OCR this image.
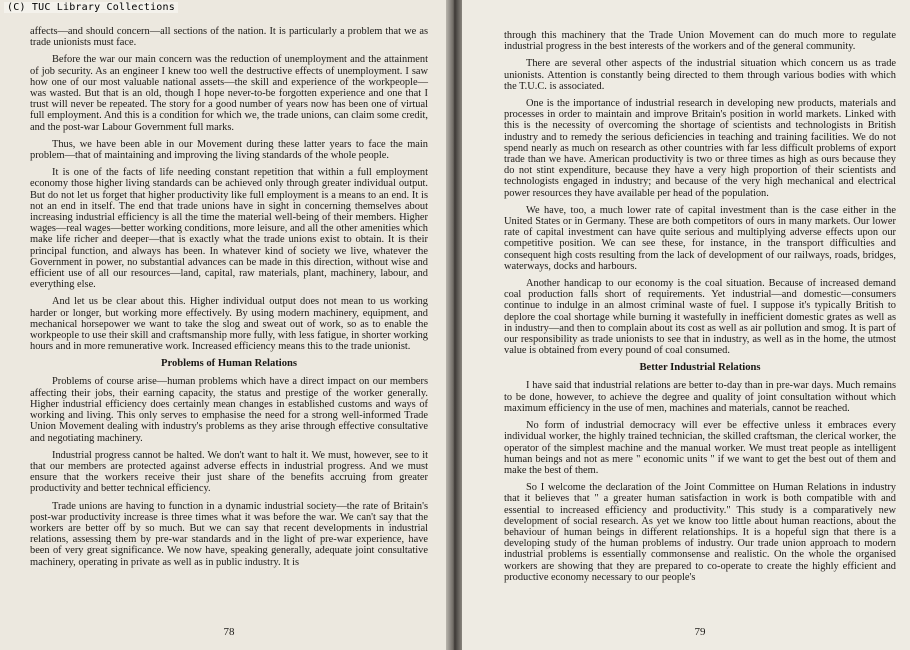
(C) TUC Library Collections

affects—and should concern—all sections of the nation. It is particularly a problem that we as trade unionists must face.

Before the war our main concern was the reduction of unemployment and the attainment of job security. As an engineer I knew too well the destructive effects of unemployment. I saw how one of our most valuable national assets—the skill and experience of the workpeople—was wasted. But that is an old, though I hope never-to-be forgotten experience and one that I trust will never be repeated. The story for a good number of years now has been one of virtual full employment. And this is a condition for which we, the trade unions, can claim some credit, and the post-war Labour Government full marks.

Thus, we have been able in our Movement during these latter years to face the main problem—that of maintaining and improving the living standards of the whole people.

It is one of the facts of life needing constant repetition that within a full employment economy those higher living standards can be achieved only through greater individual output. But do not let us forget that higher productivity like full employment is a means to an end. It is not an end in itself. The end that trade unions have in sight in concerning themselves about increasing industrial efficiency is all the time the material well-being of their members. Higher wages—real wages—better working conditions, more leisure, and all the other amenities which make life richer and deeper—that is exactly what the trade unions exist to obtain. It is their principal function, and always has been. In whatever kind of society we live, whatever the Government in power, no substantial advances can be made in this direction, without wise and efficient use of all our resources—land, capital, raw materials, plant, machinery, labour, and everything else.

And let us be clear about this. Higher individual output does not mean to us working harder or longer, but working more effectively. By using modern machinery, equipment, and mechanical horsepower we want to take the slog and sweat out of work, so as to enable the workpeople to use their skill and craftsmanship more fully, with less fatigue, in shorter working hours and in more remunerative work. Increased efficiency means this to the trade unionist.

Problems of Human Relations

Problems of course arise—human problems which have a direct impact on our members affecting their jobs, their earning capacity, the status and prestige of the worker generally. Higher industrial efficiency does certainly mean changes in established customs and ways of working and living. This only serves to emphasise the need for a strong well-informed Trade Union Movement dealing with industry's problems as they arise through effective consultative and negotiating machinery.

Industrial progress cannot be halted. We don't want to halt it. We must, however, see to it that our members are protected against adverse effects in industrial progress. And we must ensure that the workers receive their just share of the benefits accruing from greater productivity and better technical efficiency.

Trade unions are having to function in a dynamic industrial society—the rate of Britain's post-war productivity increase is three times what it was before the war. We can't say that the workers are better off by so much. But we can say that recent developments in industrial relations, assessing them by pre-war standards and in the light of pre-war experience, have been of very great significance. We now have, speaking generally, adequate joint consultative machinery, operating in private as well as in public industry. It is

78

through this machinery that the Trade Union Movement can do much more to regulate industrial progress in the best interests of the workers and of the general community.

There are several other aspects of the industrial situation which concern us as trade unionists. Attention is constantly being directed to them through various bodies with which the T.U.C. is associated.

One is the importance of industrial research in developing new products, materials and processes in order to maintain and improve Britain's position in world markets. Linked with this is the necessity of overcoming the shortage of scientists and technologists in British industry and to remedy the serious deficiencies in teaching and training facilities. We do not spend nearly as much on research as other countries with far less difficult problems of export trade than we have. American productivity is two or three times as high as ours because they do not stint expenditure, because they have a very high proportion of their scientists and technologists engaged in industry; and because of the very high mechanical and electrical power resources they have available per head of the population.

We have, too, a much lower rate of capital investment than is the case either in the United States or in Germany. These are both competitors of ours in many markets. Our lower rate of capital investment can have quite serious and multiplying adverse effects upon our competitive position. We can see these, for instance, in the transport difficulties and consequent high costs resulting from the lack of development of our railways, roads, bridges, waterways, docks and harbours.

Another handicap to our economy is the coal situation. Because of increased demand coal production falls short of requirements. Yet industrial—and domestic—consumers continue to indulge in an almost criminal waste of fuel. I suppose it's typically British to deplore the coal shortage while burning it wastefully in inefficient domestic grates as well as in industry—and then to complain about its cost as well as air pollution and smog. It is part of our responsibility as trade unionists to see that in industry, as well as in the home, the utmost value is obtained from every pound of coal consumed.

Better Industrial Relations

I have said that industrial relations are better to-day than in pre-war days. Much remains to be done, however, to achieve the degree and quality of joint consultation without which maximum efficiency in the use of men, machines and materials, cannot be reached.

No form of industrial democracy will ever be effective unless it embraces every individual worker, the highly trained technician, the skilled craftsman, the clerical worker, the operator of the simplest machine and the manual worker. We must treat people as intelligent human beings and not as mere " economic units " if we want to get the best out of them and make the best of them.

So I welcome the declaration of the Joint Committee on Human Relations in industry that it believes that " a greater human satisfaction in work is both compatible with and essential to increased efficiency and productivity." This study is a comparatively new development of social research. As yet we know too little about human reactions, about the behaviour of human beings in different relationships. It is a hopeful sign that there is a developing study of the human problems of industry. Our trade union approach to modern industrial problems is essentially commonsense and realistic. On the whole the organised workers are showing that they are prepared to co-operate to create the highly efficient and productive economy necessary to our people's

79
